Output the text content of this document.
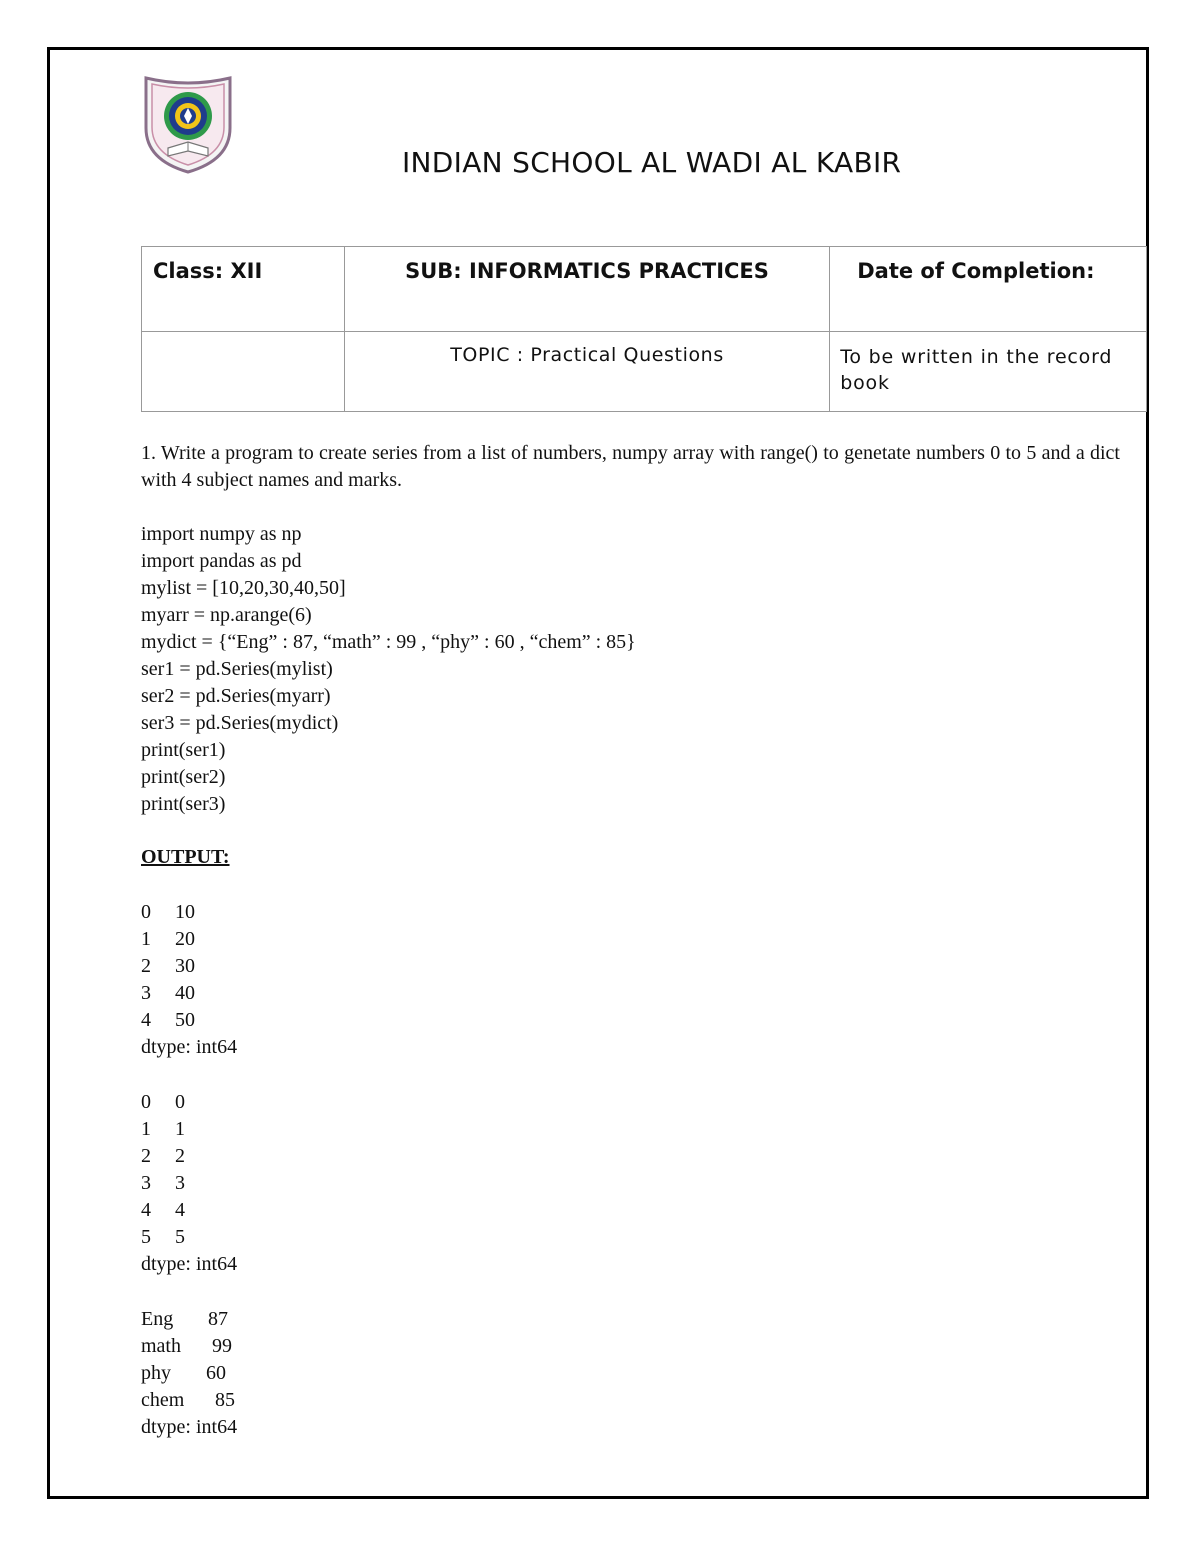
INDIAN SCHOOL AL WADI AL KABIR
Class: XII	SUB: INFORMATICS PRACTICES	Date of Completion:
	TOPIC : Practical Questions	To be written in the record book
1. Write a program to create series from a list of numbers, numpy array with range() to genetate numbers 0 to 5 and a dict with 4 subject names and marks.
import numpy as np
import pandas as pd
mylist = [10,20,30,40,50]
myarr = np.arange(6)
mydict = {“Eng” : 87, “math” : 99 , “phy” : 60 , “chem” : 85}
ser1 = pd.Series(mylist)
ser2 = pd.Series(myarr)
ser3 = pd.Series(mydict)
print(ser1)
print(ser2)
print(ser3)
OUTPUT:
0 10
1 20
2 30
3 40
4 50
dtype: int64
0 0
1 1
2 2
3 3
4 4
5 5
dtype: int64
Eng 87
math 99
phy 60
chem 85
dtype: int64
